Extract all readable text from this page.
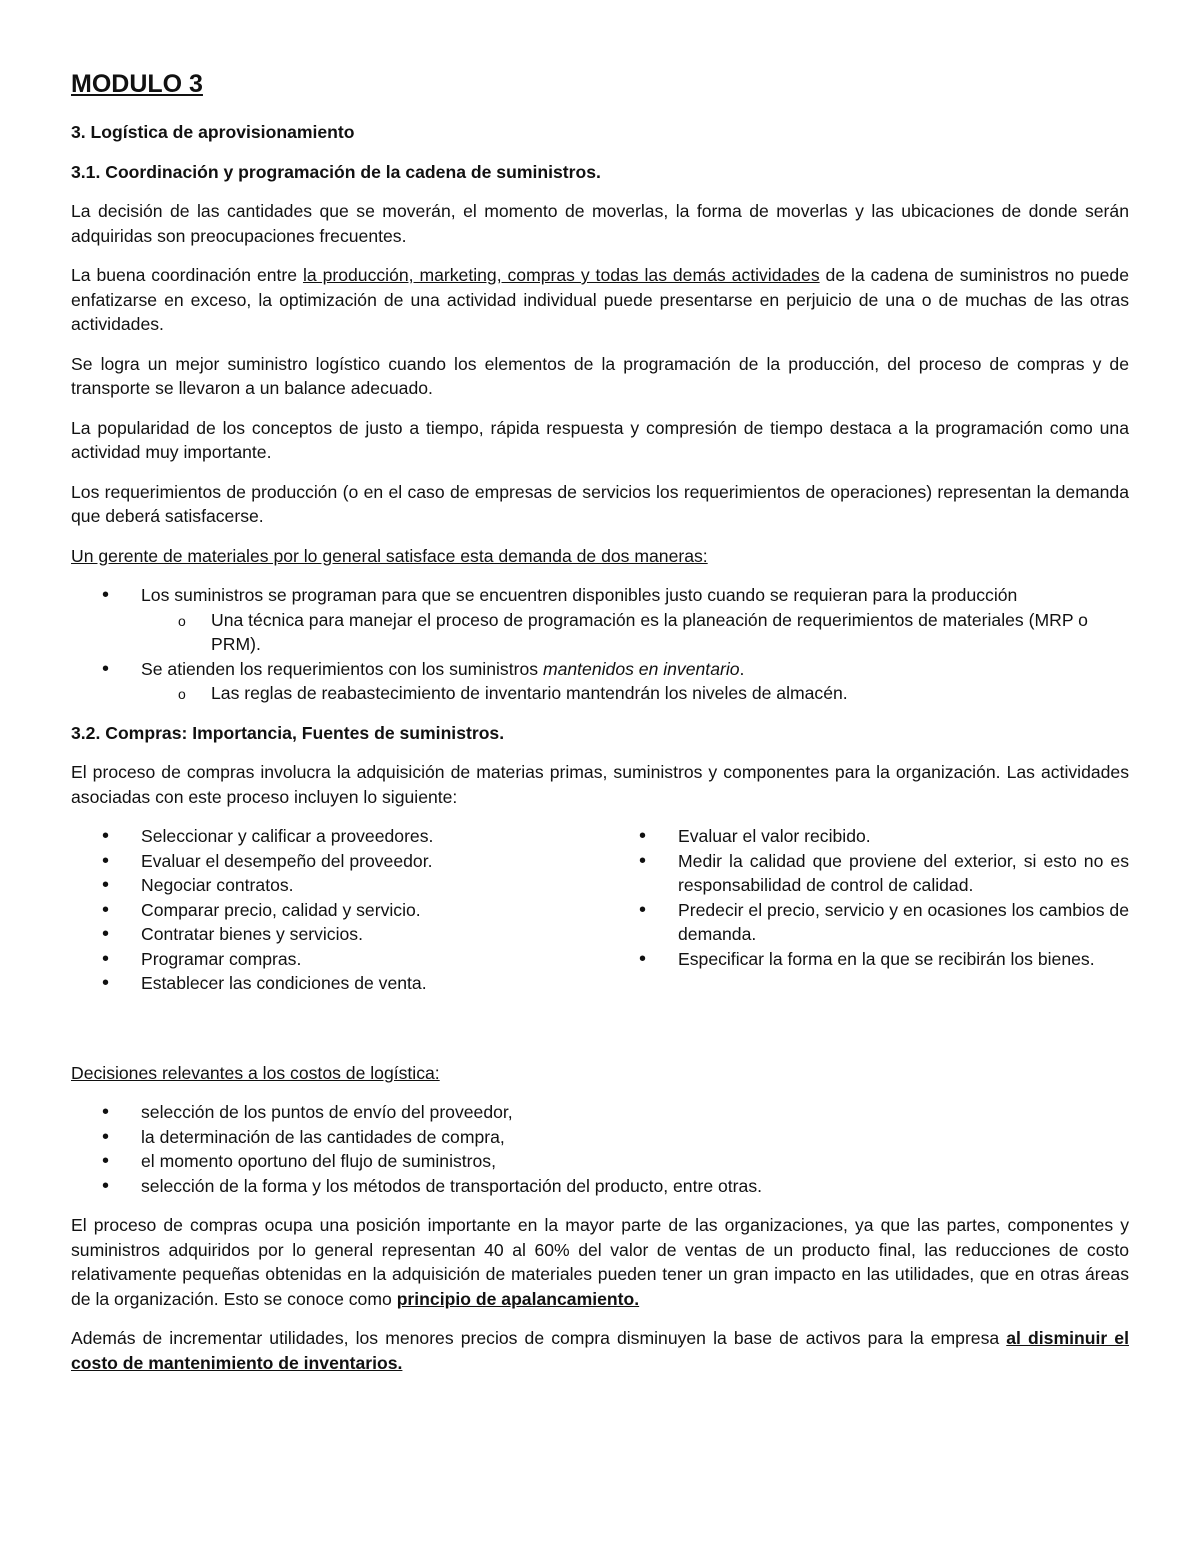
MODULO 3
3. Logística de aprovisionamiento
3.1. Coordinación y programación de la cadena de suministros.

La decisión de las cantidades que se moverán, el momento de moverlas, la forma de moverlas y las ubicaciones de donde serán adquiridas son preocupaciones frecuentes.

La buena coordinación entre la producción, marketing, compras y todas las demás actividades de la cadena de suministros no puede enfatizarse en exceso, la optimización de una actividad individual puede presentarse en perjuicio de una o de muchas de las otras actividades.

Se logra un mejor suministro logístico cuando los elementos de la programación de la producción, del proceso de compras y de transporte se llevaron a un balance adecuado.

La popularidad de los conceptos de justo a tiempo, rápida respuesta y compresión de tiempo destaca a la programación como una actividad muy importante.

Los requerimientos de producción (o en el caso de empresas de servicios los requerimientos de operaciones) representan la demanda que deberá satisfacerse.

Un gerente de materiales por lo general satisface esta demanda de dos maneras:

• Los suministros se programan para que se encuentren disponibles justo cuando se requieran para la producción
o Una técnica para manejar el proceso de programación es la planeación de requerimientos de materiales (MRP o PRM).
• Se atienden los requerimientos con los suministros mantenidos en inventario.
o Las reglas de reabastecimiento de inventario mantendrán los niveles de almacén.
3.2. Compras: Importancia, Fuentes de suministros.

El proceso de compras involucra la adquisición de materias primas, suministros y componentes para la organización. Las actividades asociadas con este proceso incluyen lo siguiente:

• Seleccionar y calificar a proveedores.
• Evaluar el desempeño del proveedor.
• Negociar contratos.
• Comparar precio, calidad y servicio.
• Contratar bienes y servicios.
• Programar compras.
• Establecer las condiciones de venta.
• Evaluar el valor recibido.
• Medir la calidad que proviene del exterior, si esto no es responsabilidad de control de calidad.
• Predecir el precio, servicio y en ocasiones los cambios de demanda.
• Especificar la forma en la que se recibirán los bienes.

Decisiones relevantes a los costos de logística:

• selección de los puntos de envío del proveedor,
• la determinación de las cantidades de compra,
• el momento oportuno del flujo de suministros,
• selección de la forma y los métodos de transportación del producto, entre otras.

El proceso de compras ocupa una posición importante en la mayor parte de las organizaciones, ya que las partes, componentes y suministros adquiridos por lo general representan 40 al 60% del valor de ventas de un producto final, las reducciones de costo relativamente pequeñas obtenidas en la adquisición de materiales pueden tener un gran impacto en las utilidades, que en otras áreas de la organización. Esto se conoce como principio de apalancamiento.

Además de incrementar utilidades, los menores precios de compra disminuyen la base de activos para la empresa al disminuir el costo de mantenimiento de inventarios.
